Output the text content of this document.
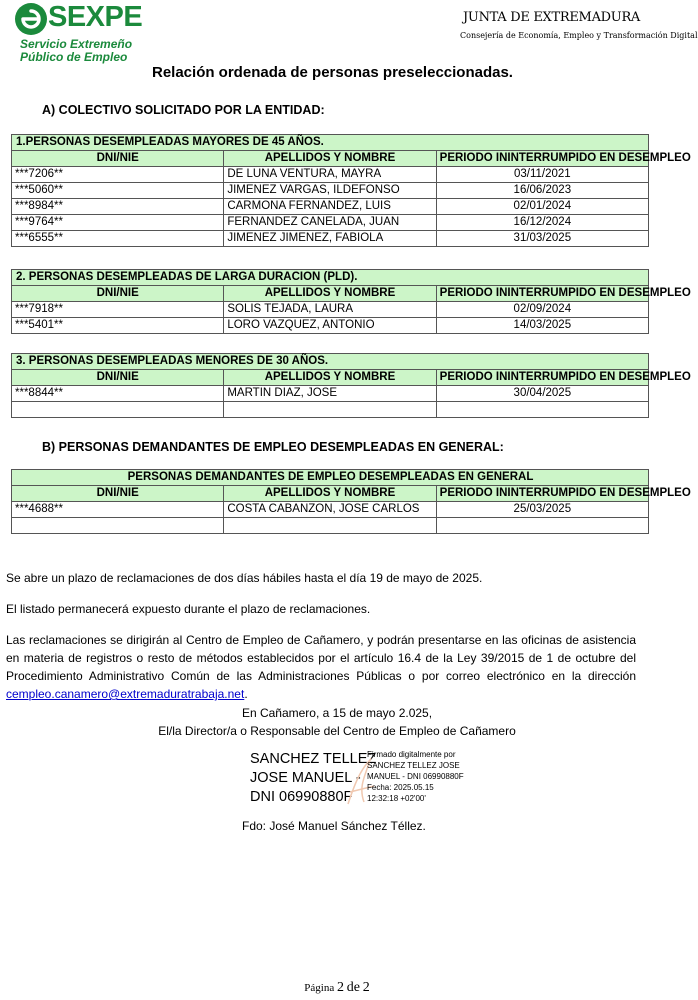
SEXPE
Servicio Extremeño
Público de Empleo
JUNTA DE EXTREMADURA
Consejería de Economía, Empleo y Transformación Digital
Relación ordenada de personas preseleccionadas.
A) COLECTIVO SOLICITADO POR LA ENTIDAD:
1.PERSONAS DESEMPLEADAS MAYORES DE 45 AÑOS.		
DNI/NIE	APELLIDOS Y NOMBRE	PERIODO ININTERRUMPIDO EN DESEMPLEO
***7206**	DE LUNA VENTURA, MAYRA	03/11/2021
***5060**	JIMENEZ VARGAS, ILDEFONSO	16/06/2023
***8984**	CARMONA FERNANDEZ, LUIS	02/01/2024
***9764**	FERNANDEZ CANELADA, JUAN	16/12/2024
***6555**	JIMENEZ JIMENEZ, FABIOLA	31/03/2025
2. PERSONAS DESEMPLEADAS DE LARGA DURACION (PLD).		
DNI/NIE	APELLIDOS Y NOMBRE	PERIODO ININTERRUMPIDO EN DESEMPLEO
***7918**	SOLIS TEJADA, LAURA	02/09/2024
***5401**	LORO VAZQUEZ, ANTONIO	14/03/2025
3. PERSONAS DESEMPLEADAS MENORES DE 30 AÑOS.		
DNI/NIE	APELLIDOS Y NOMBRE	PERIODO ININTERRUMPIDO EN DESEMPLEO
***8844**	MARTIN DIAZ, JOSE	30/04/2025

B) PERSONAS DEMANDANTES DE EMPLEO DESEMPLEADAS EN GENERAL:
PERSONAS DEMANDANTES DE EMPLEO DESEMPLEADAS EN GENERAL		
DNI/NIE	APELLIDOS Y NOMBRE	PERIODO ININTERRUMPIDO EN DESEMPLEO
***4688**	COSTA CABANZON, JOSE CARLOS	25/03/2025

Se abre un plazo de reclamaciones de dos días hábiles hasta el día 19 de mayo de 2025.
El listado permanecerá expuesto durante el plazo de reclamaciones.
Las reclamaciones se dirigirán al Centro de Empleo de Cañamero, y podrán presentarse en las oficinas de asistencia en materia de registros o resto de métodos establecidos por el artículo 16.4 de la Ley 39/2015 de 1 de octubre del Procedimiento Administrativo Común de las Administraciones Públicas o por correo electrónico en la dirección cempleo.canamero@extremaduratrabaja.net.
En Cañamero, a 15 de mayo 2.025,
El/la Director/a o Responsable del Centro de Empleo de Cañamero
SANCHEZ TELLEZ
JOSE MANUEL -
DNI 06990880F
Firmado digitalmente por
SANCHEZ TELLEZ JOSE
MANUEL - DNI 06990880F
Fecha: 2025.05.15
12:32:18 +02'00'
Fdo: José Manuel Sánchez Téllez.
Página 2 de 2
